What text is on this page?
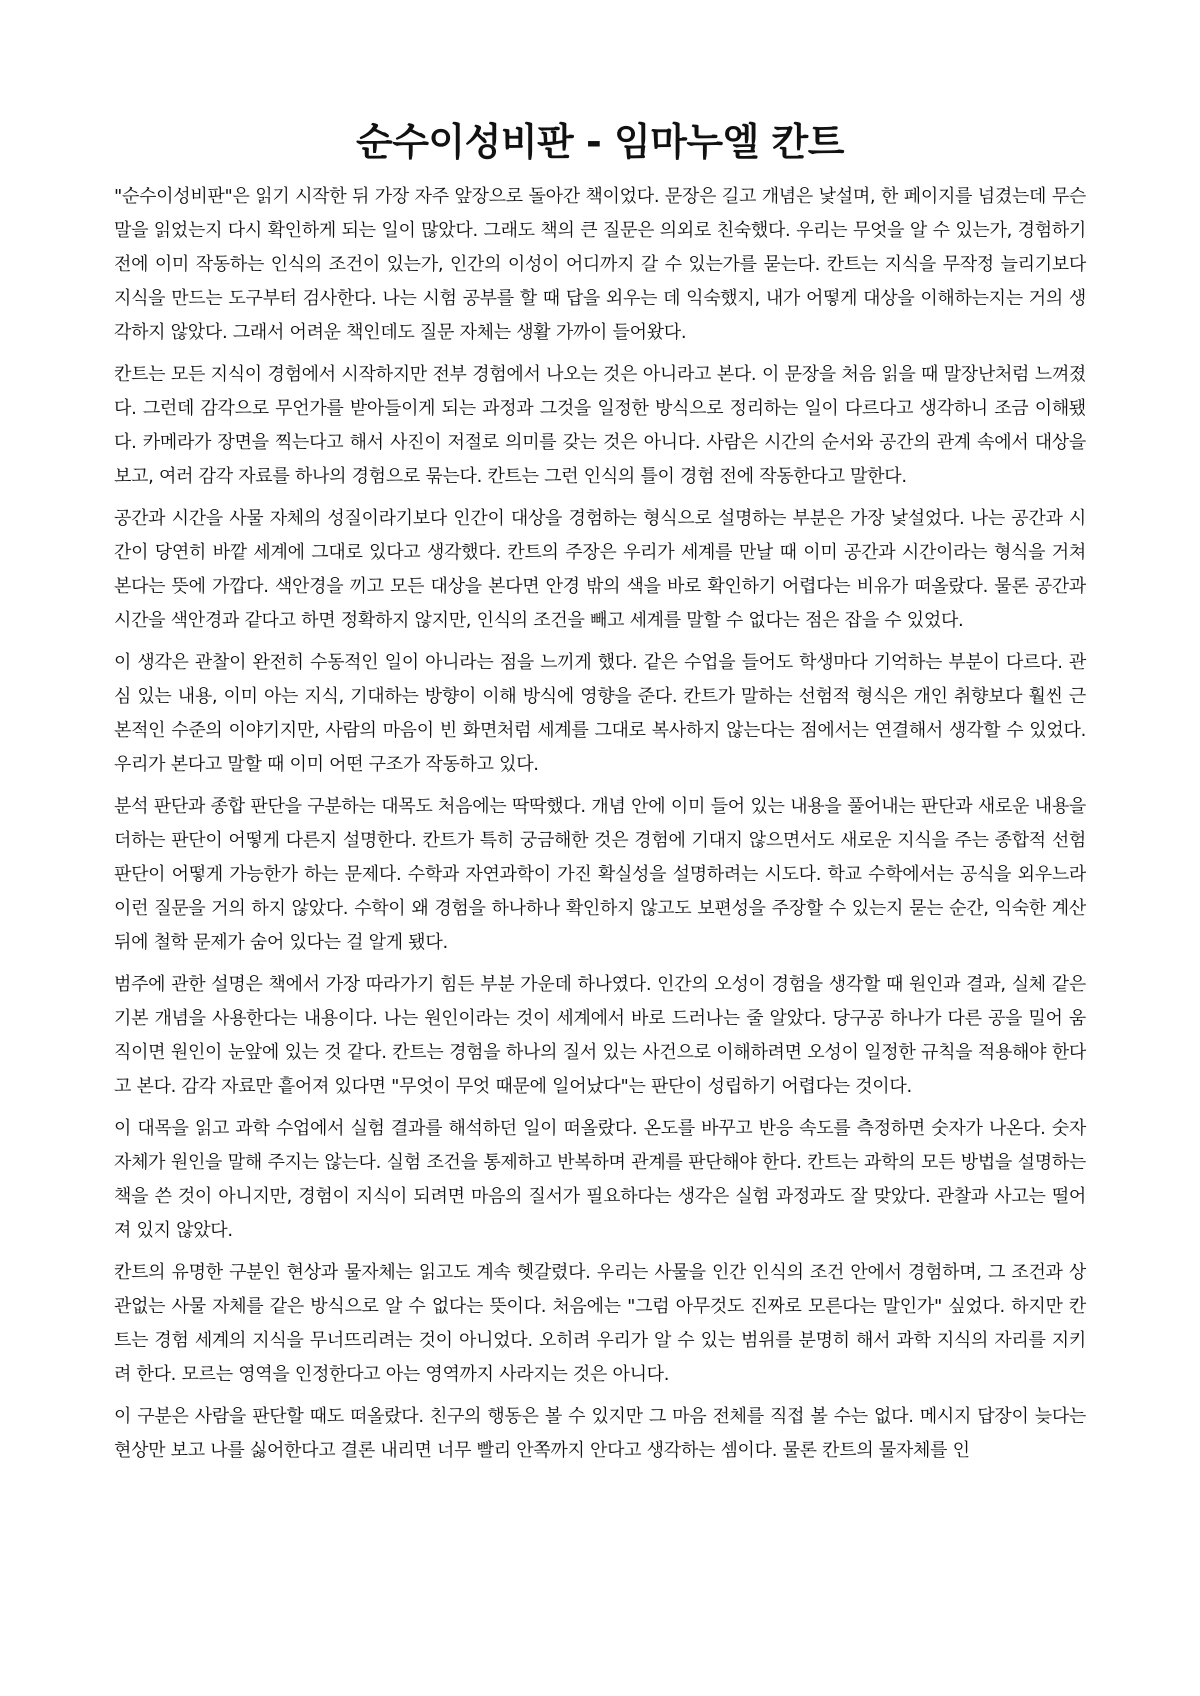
순수이성비판 - 임마누엘 칸트

"순수이성비판"은 읽기 시작한 뒤 가장 자주 앞장으로 돌아간 책이었다. 문장은 길고 개념은 낯설며, 한 페이지를 넘겼는데 무슨 말을 읽었는지 다시 확인하게 되는 일이 많았다. 그래도 책의 큰 질문은 의외로 친숙했다. 우리는 무엇을 알 수 있는가, 경험하기 전에 이미 작동하는 인식의 조건이 있는가, 인간의 이성이 어디까지 갈 수 있는가를 묻는다. 칸트는 지식을 무작정 늘리기보다 지식을 만드는 도구부터 검사한다. 나는 시험 공부를 할 때 답을 외우는 데 익숙했지, 내가 어떻게 대상을 이해하는지는 거의 생각하지 않았다. 그래서 어려운 책인데도 질문 자체는 생활 가까이 들어왔다.

칸트는 모든 지식이 경험에서 시작하지만 전부 경험에서 나오는 것은 아니라고 본다. 이 문장을 처음 읽을 때 말장난처럼 느껴졌다. 그런데 감각으로 무언가를 받아들이게 되는 과정과 그것을 일정한 방식으로 정리하는 일이 다르다고 생각하니 조금 이해됐다. 카메라가 장면을 찍는다고 해서 사진이 저절로 의미를 갖는 것은 아니다. 사람은 시간의 순서와 공간의 관계 속에서 대상을 보고, 여러 감각 자료를 하나의 경험으로 묶는다. 칸트는 그런 인식의 틀이 경험 전에 작동한다고 말한다.

공간과 시간을 사물 자체의 성질이라기보다 인간이 대상을 경험하는 형식으로 설명하는 부분은 가장 낯설었다. 나는 공간과 시간이 당연히 바깥 세계에 그대로 있다고 생각했다. 칸트의 주장은 우리가 세계를 만날 때 이미 공간과 시간이라는 형식을 거쳐 본다는 뜻에 가깝다. 색안경을 끼고 모든 대상을 본다면 안경 밖의 색을 바로 확인하기 어렵다는 비유가 떠올랐다. 물론 공간과 시간을 색안경과 같다고 하면 정확하지 않지만, 인식의 조건을 빼고 세계를 말할 수 없다는 점은 잡을 수 있었다.

이 생각은 관찰이 완전히 수동적인 일이 아니라는 점을 느끼게 했다. 같은 수업을 들어도 학생마다 기억하는 부분이 다르다. 관심 있는 내용, 이미 아는 지식, 기대하는 방향이 이해 방식에 영향을 준다. 칸트가 말하는 선험적 형식은 개인 취향보다 훨씬 근본적인 수준의 이야기지만, 사람의 마음이 빈 화면처럼 세계를 그대로 복사하지 않는다는 점에서는 연결해서 생각할 수 있었다. 우리가 본다고 말할 때 이미 어떤 구조가 작동하고 있다.

분석 판단과 종합 판단을 구분하는 대목도 처음에는 딱딱했다. 개념 안에 이미 들어 있는 내용을 풀어내는 판단과 새로운 내용을 더하는 판단이 어떻게 다른지 설명한다. 칸트가 특히 궁금해한 것은 경험에 기대지 않으면서도 새로운 지식을 주는 종합적 선험 판단이 어떻게 가능한가 하는 문제다. 수학과 자연과학이 가진 확실성을 설명하려는 시도다. 학교 수학에서는 공식을 외우느라 이런 질문을 거의 하지 않았다. 수학이 왜 경험을 하나하나 확인하지 않고도 보편성을 주장할 수 있는지 묻는 순간, 익숙한 계산 뒤에 철학 문제가 숨어 있다는 걸 알게 됐다.

범주에 관한 설명은 책에서 가장 따라가기 힘든 부분 가운데 하나였다. 인간의 오성이 경험을 생각할 때 원인과 결과, 실체 같은 기본 개념을 사용한다는 내용이다. 나는 원인이라는 것이 세계에서 바로 드러나는 줄 알았다. 당구공 하나가 다른 공을 밀어 움직이면 원인이 눈앞에 있는 것 같다. 칸트는 경험을 하나의 질서 있는 사건으로 이해하려면 오성이 일정한 규칙을 적용해야 한다고 본다. 감각 자료만 흩어져 있다면 "무엇이 무엇 때문에 일어났다"는 판단이 성립하기 어렵다는 것이다.

이 대목을 읽고 과학 수업에서 실험 결과를 해석하던 일이 떠올랐다. 온도를 바꾸고 반응 속도를 측정하면 숫자가 나온다. 숫자 자체가 원인을 말해 주지는 않는다. 실험 조건을 통제하고 반복하며 관계를 판단해야 한다. 칸트는 과학의 모든 방법을 설명하는 책을 쓴 것이 아니지만, 경험이 지식이 되려면 마음의 질서가 필요하다는 생각은 실험 과정과도 잘 맞았다. 관찰과 사고는 떨어져 있지 않았다.

칸트의 유명한 구분인 현상과 물자체는 읽고도 계속 헷갈렸다. 우리는 사물을 인간 인식의 조건 안에서 경험하며, 그 조건과 상관없는 사물 자체를 같은 방식으로 알 수 없다는 뜻이다. 처음에는 "그럼 아무것도 진짜로 모른다는 말인가" 싶었다. 하지만 칸트는 경험 세계의 지식을 무너뜨리려는 것이 아니었다. 오히려 우리가 알 수 있는 범위를 분명히 해서 과학 지식의 자리를 지키려 한다. 모르는 영역을 인정한다고 아는 영역까지 사라지는 것은 아니다.

이 구분은 사람을 판단할 때도 떠올랐다. 친구의 행동은 볼 수 있지만 그 마음 전체를 직접 볼 수는 없다. 메시지 답장이 늦다는 현상만 보고 나를 싫어한다고 결론 내리면 너무 빨리 안쪽까지 안다고 생각하는 셈이다. 물론 칸트의 물자체를 인
